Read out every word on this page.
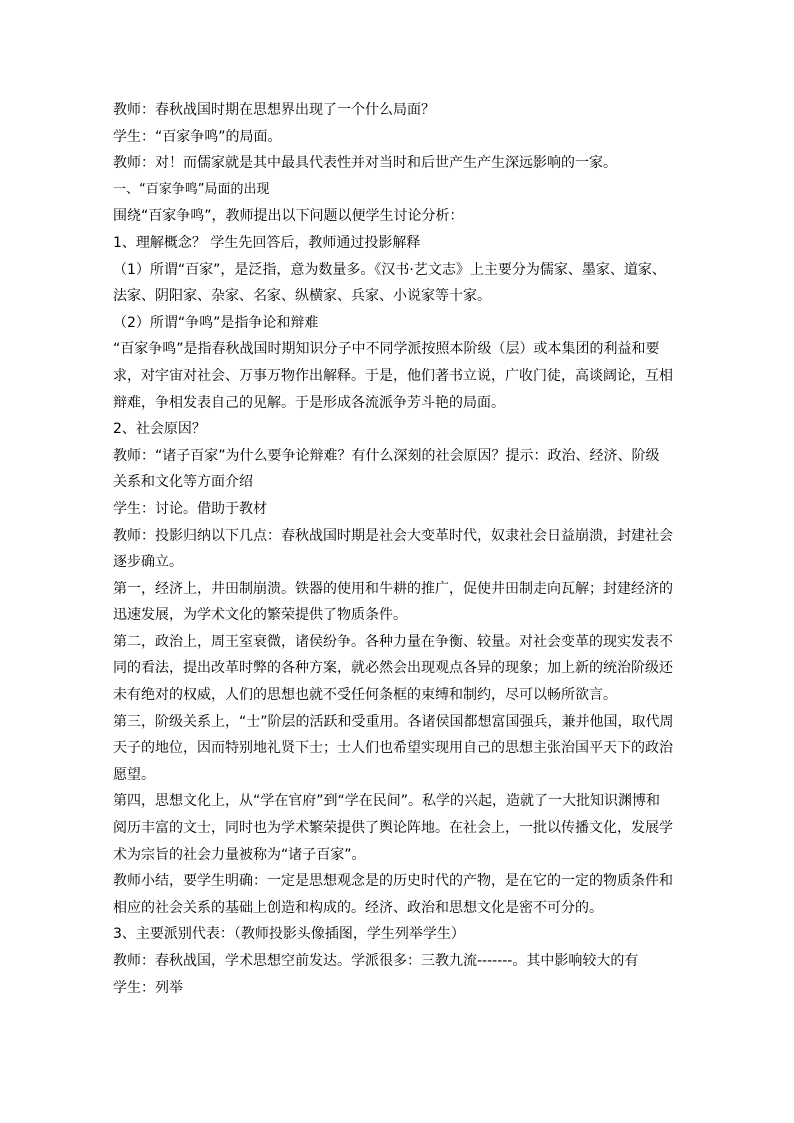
教师：春秋战国时期在思想界出现了一个什么局面？
学生：“百家争鸣”的局面。
教师：对！而儒家就是其中最具代表性并对当时和后世产生产生深远影响的一家。
一、“百家争鸣”局面的出现
围绕“百家争鸣”，教师提出以下问题以便学生讨论分析：
1、理解概念？ 学生先回答后，教师通过投影解释
（1）所谓“百家”，是泛指，意为数量多。《汉书·艺文志》上主要分为儒家、墨家、道家、
法家、阴阳家、杂家、名家、纵横家、兵家、小说家等十家。
（2）所谓“争鸣”是指争论和辩难
“百家争鸣”是指春秋战国时期知识分子中不同学派按照本阶级（层）或本集团的利益和要
求，对宇宙对社会、万事万物作出解释。于是，他们著书立说，广收门徒，高谈阔论，互相
辩难，争相发表自己的见解。于是形成各流派争芳斗艳的局面。
2、社会原因？
教师：“诸子百家”为什么要争论辩难？有什么深刻的社会原因？提示：政治、经济、阶级
关系和文化等方面介绍
学生：讨论。借助于教材
教师：投影归纳以下几点：春秋战国时期是社会大变革时代，奴隶社会日益崩溃，封建社会
逐步确立。
第一，经济上，井田制崩溃。铁器的使用和牛耕的推广，促使井田制走向瓦解；封建经济的
迅速发展，为学术文化的繁荣提供了物质条件。
第二，政治上，周王室衰微，诸侯纷争。各种力量在争衡、较量。对社会变革的现实发表不
同的看法，提出改革时弊的各种方案，就必然会出现观点各异的现象；加上新的统治阶级还
未有绝对的权威，人们的思想也就不受任何条框的束缚和制约，尽可以畅所欲言。
第三，阶级关系上，“士”阶层的活跃和受重用。各诸侯国都想富国强兵，兼并他国，取代周
天子的地位，因而特别地礼贤下士；士人们也希望实现用自己的思想主张治国平天下的政治
愿望。
第四，思想文化上，从“学在官府”到“学在民间”。私学的兴起，造就了一大批知识渊博和
阅历丰富的文士，同时也为学术繁荣提供了舆论阵地。在社会上，一批以传播文化，发展学
术为宗旨的社会力量被称为“诸子百家”。
教师小结，要学生明确：一定是思想观念是的历史时代的产物，是在它的一定的物质条件和
相应的社会关系的基础上创造和构成的。经济、政治和思想文化是密不可分的。
3、主要派别代表：（教师投影头像插图，学生列举学生）
教师：春秋战国，学术思想空前发达。学派很多：三教九流-------。其中影响较大的有
学生：列举
